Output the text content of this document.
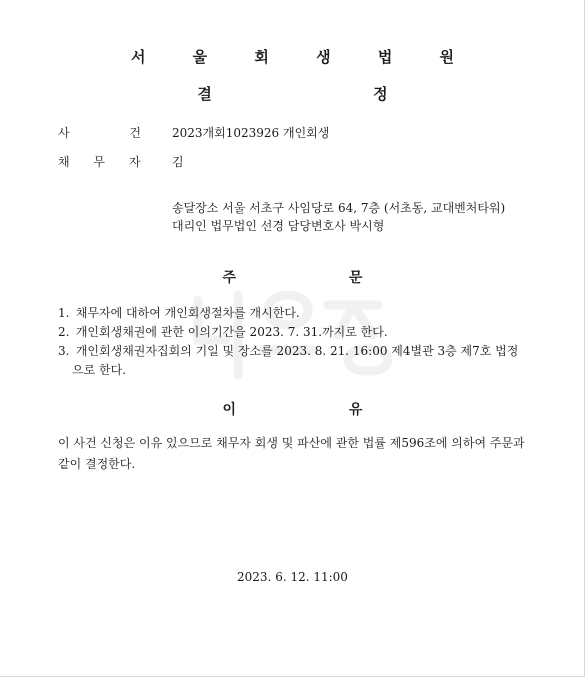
서 울 회 생 법 원
결 정
사 건 2023개회1023926 개인회생
채 무 자 김
송달장소 서울 서초구 사임당로 64, 7층 (서초동, 교대벤처타워)
대리인 법무법인 선경 담당변호사 박시형
주 문
1. 채무자에 대하여 개인회생절차를 개시한다.
2. 개인회생채권에 관한 이의기간을 2023. 7. 31.까지로 한다.
3. 개인회생채권자집회의 기일 및 장소를 2023. 8. 21. 16:00 제4별관 3층 제7호 법정
으로 한다.
이 유
이 사건 신청은 이유 있으므로 채무자 회생 및 파산에 관한 법률 제596조에 의하여 주문과 같이 결정한다.
2023. 6. 12. 11:00
